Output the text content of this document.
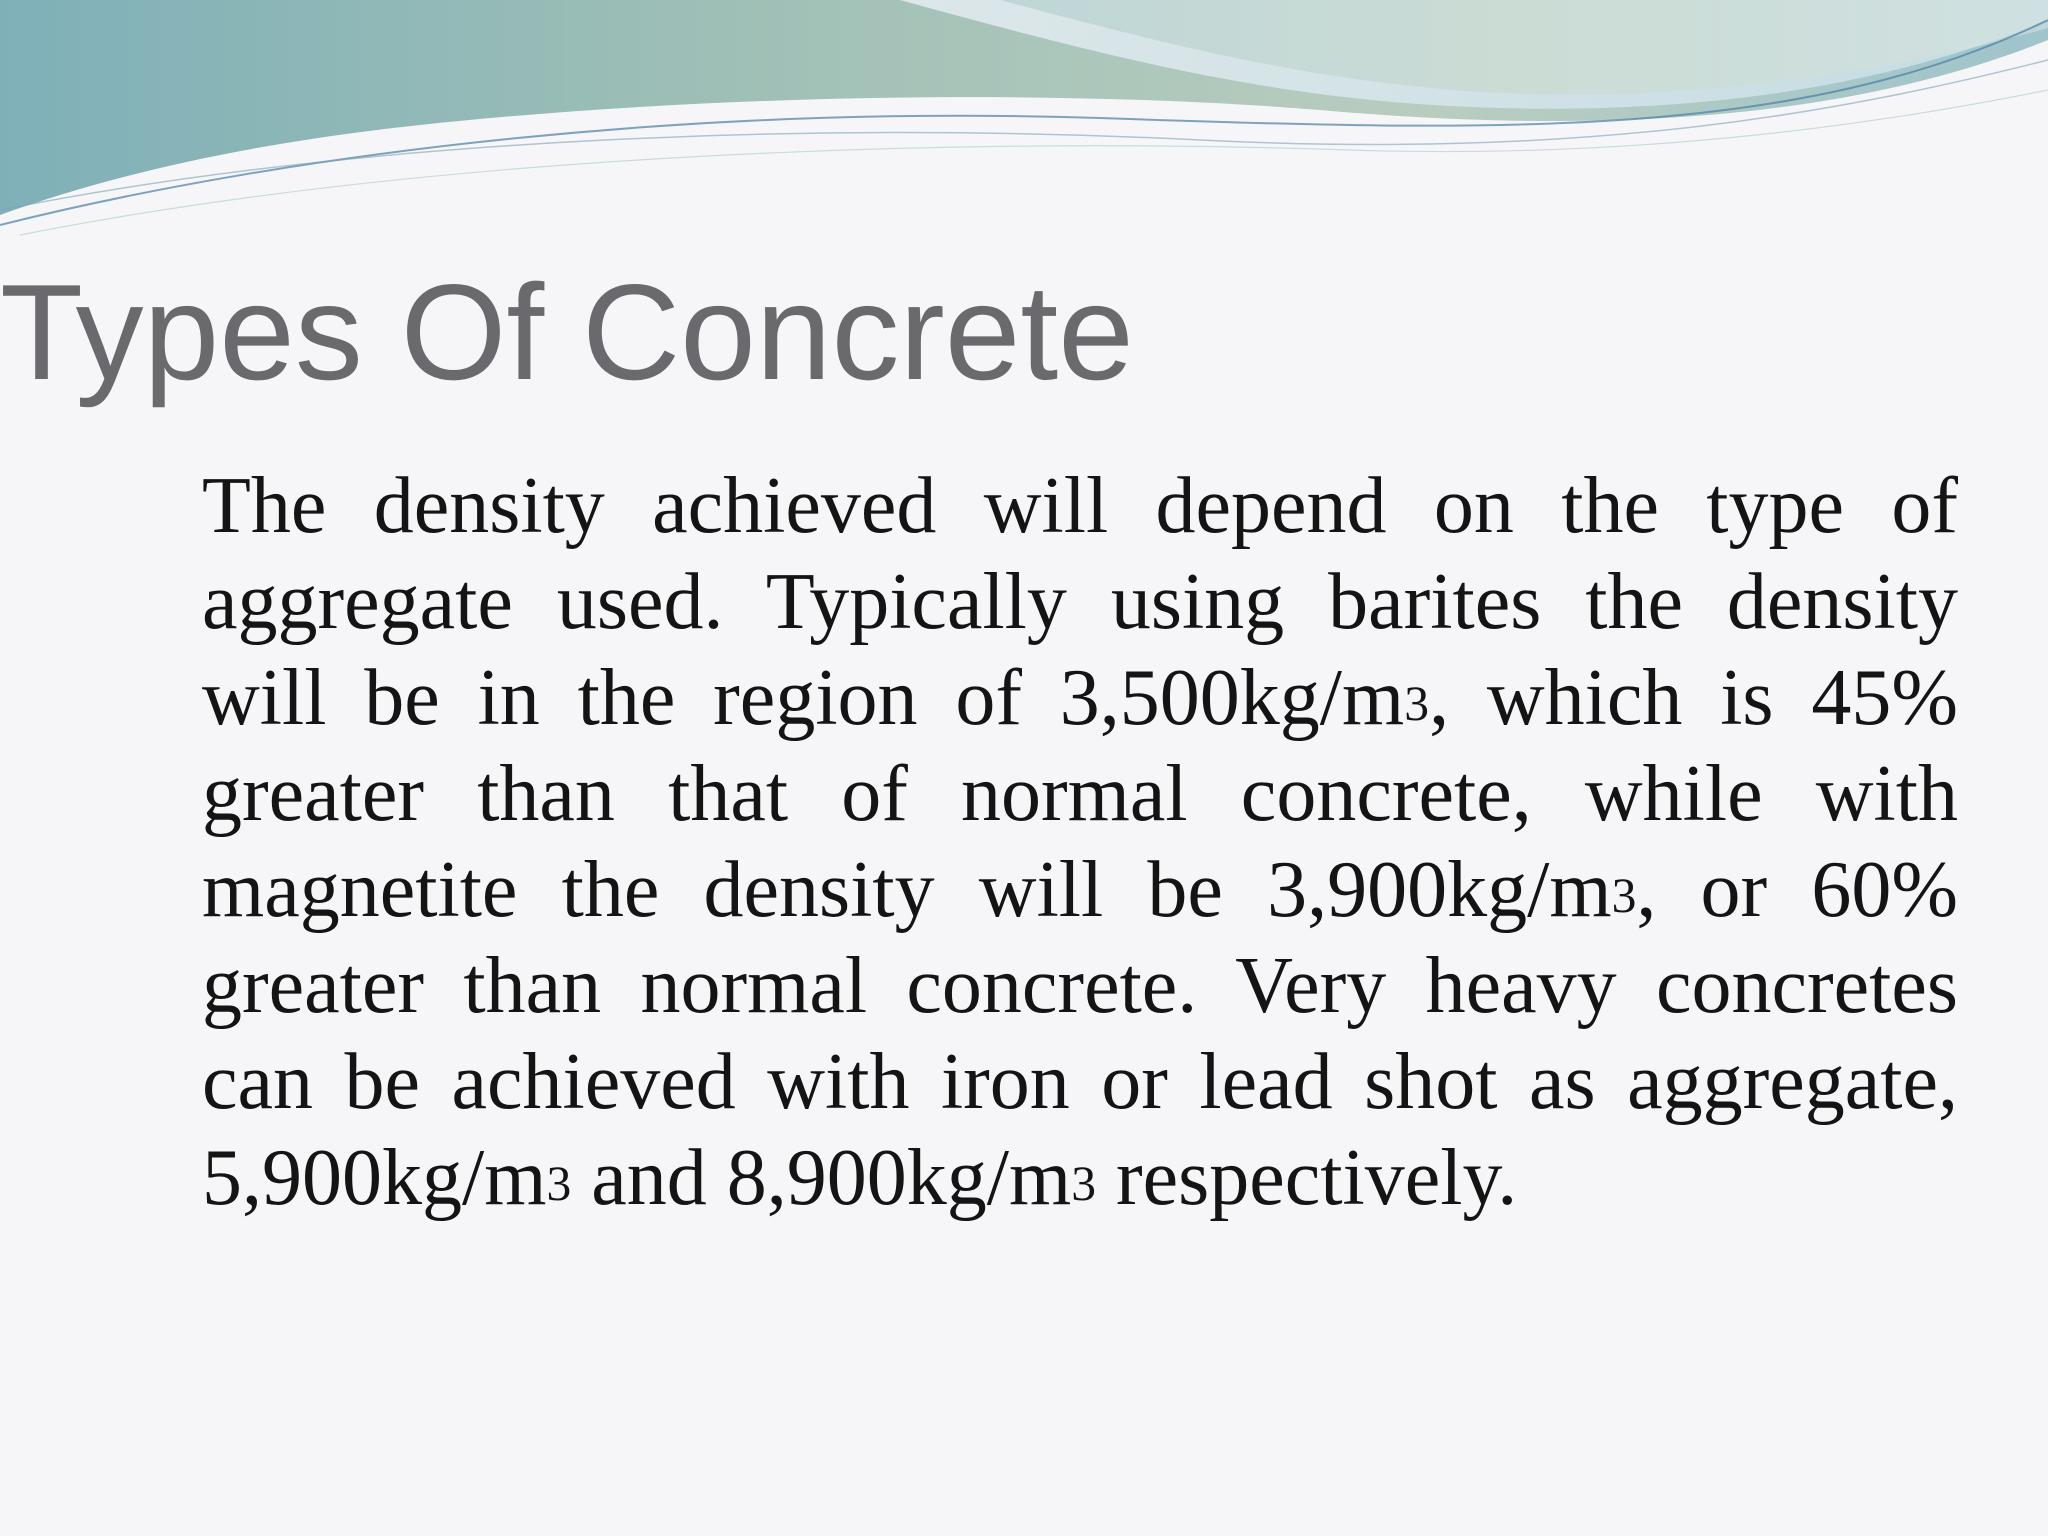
Types Of Concrete

The density achieved will depend on the type of aggregate used. Typically using barites the density will be in the region of $3,500kg/m^3$, which is 45% greater than that of normal concrete, while with magnetite the density will be $3,900kg/m^3$, or 60% greater than normal concrete. Very heavy concretes can be achieved with iron or lead shot as aggregate, $5,900kg/m^3$ and $8,900kg/m^3$ respectively.
